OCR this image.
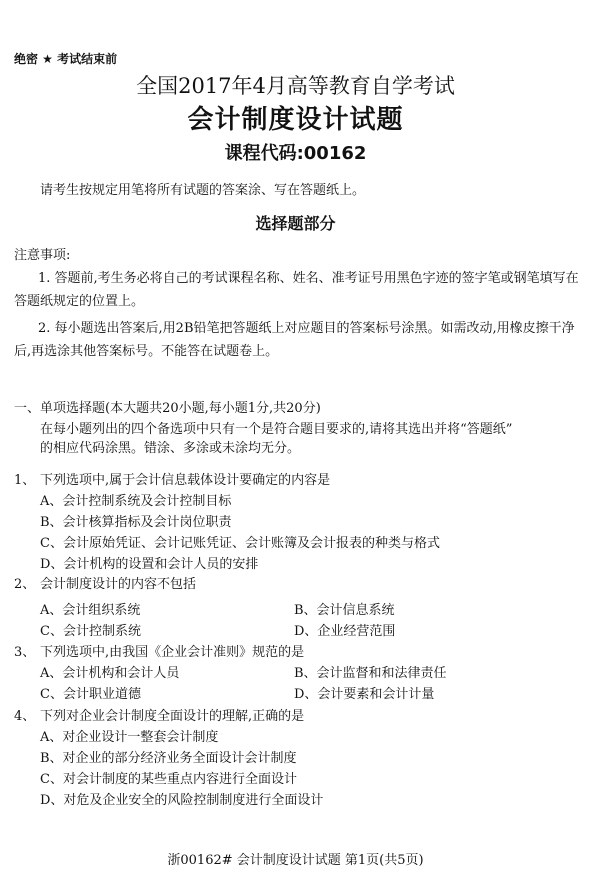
绝密 ★ 考试结束前
全国2017年4月高等教育自学考试
会计制度设计试题
课程代码:00162
请考生按规定用笔将所有试题的答案涂、写在答题纸上。
选择题部分
注意事项:
1. 答题前,考生务必将自己的考试课程名称、姓名、准考证号用黑色字迹的签字笔或钢笔填写在答题纸规定的位置上。
2. 每小题选出答案后,用2B铅笔把答题纸上对应题目的答案标号涂黑。如需改动,用橡皮擦干净后,再选涂其他答案标号。不能答在试题卷上。
一、单项选择题(本大题共20小题,每小题1分,共20分)
在每小题列出的四个备选项中只有一个是符合题目要求的,请将其选出并将“答题纸”
的相应代码涂黑。错涂、多涂或未涂均无分。
1、 下列选项中,属于会计信息载体设计要确定的内容是
A、会计控制系统及会计控制目标
B、会计核算指标及会计岗位职责
C、会计原始凭证、会计记账凭证、会计账簿及会计报表的种类与格式
D、会计机构的设置和会计人员的安排
2、 会计制度设计的内容不包括
A、会计组织系统	B、会计信息系统
C、会计控制系统	D、企业经营范围
3、 下列选项中,由我国《企业会计准则》规范的是
A、会计机构和会计人员	B、会计监督和和法律责任
C、会计职业道德	D、会计要素和会计计量
4、 下列对企业会计制度全面设计的理解,正确的是
A、对企业设计一整套会计制度
B、对企业的部分经济业务全面设计会计制度
C、对会计制度的某些重点内容进行全面设计
D、对危及企业安全的风险控制制度进行全面设计
浙00162# 会计制度设计试题 第1页(共5页)
